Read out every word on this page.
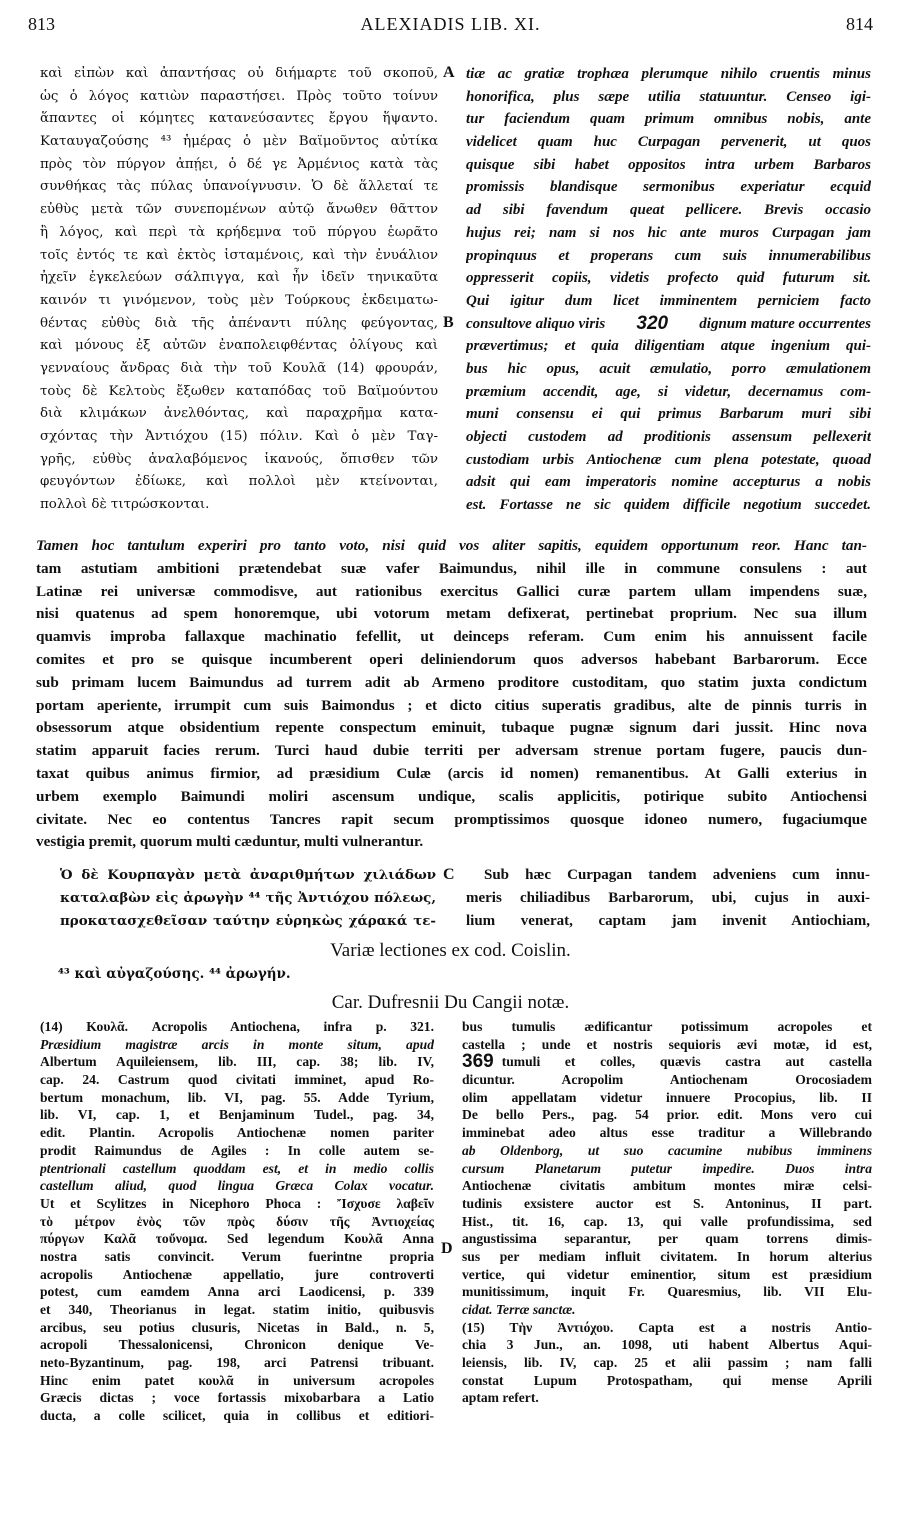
813	ALEXIADIS LIB. XI.	814
καὶ εἰπὼν καὶ ἀπαντήσας οὐ διήμαρτε τοῦ σκοποῦ,
ὡς ὁ λόγος κατιὼν παραστήσει. Πρὸς τοῦτο τοίνυν
ἅπαντες οἱ κόμητες κατανεύσαντες ἔργου ἥψαντο.
Καταυγαζούσης ⁴³ ἡμέρας ὁ μὲν Βαϊμοῦντος αὐτίκα
πρὸς τὸν πύργον ἀπῄει, ὁ δέ γε Ἀρμένιος κατὰ τὰς
συνθήκας τὰς πύλας ὑπανοίγνυσιν. Ὁ δὲ ἅλλεταί τε
εὐθὺς μετὰ τῶν συνεπομένων αὐτῷ ἄνωθεν θᾶττον
ἢ λόγος, καὶ περὶ τὰ κρήδεμνα τοῦ πύργου ἑωρᾶτο
τοῖς ἐντός τε καὶ ἐκτὸς ἱσταμένοις, καὶ τὴν ἐνυάλιον
ἠχεῖν ἐγκελεύων σάλπιγγα, καὶ ἦν ἰδεῖν τηνικαῦτα
καινόν τι γινόμενον, τοὺς μὲν Τούρκους ἐκδειματω-
θέντας εὐθὺς διὰ τῆς ἀπέναντι πύλης φεύγοντας,
καὶ μόνους ἐξ αὐτῶν ἐναπολειφθέντας ὀλίγους καὶ
γενναίους ἄνδρας διὰ τὴν τοῦ Κουλᾶ (14) φρουράν,
τοὺς δὲ Κελτοὺς ἔξωθεν καταπόδας τοῦ Βαϊμούντου
διὰ κλιμάκων ἀνελθόντας, καὶ παραχρῆμα κατα-
σχόντας τὴν Ἀντιόχου (15) πόλιν. Καὶ ὁ μὲν Ταγ-
γρῆς, εὐθὺς ἀναλαβόμενος ἱκανούς, ὄπισθεν τῶν
φευγόντων ἐδίωκε, καὶ πολλοὶ μὲν κτείνονται,
πολλοὶ δὲ τιτρώσκονται.
A
B
tiæ ac gratiæ trophæa plerumque nihilo cruentis minus
honorifica, plus sæpe utilia statuuntur. Censeo igi-
tur faciendum quam primum omnibus nobis, ante
videlicet quam huc Curpagan pervenerit, ut quos
quisque sibi habet oppositos intra urbem Barbaros
promissis blandisque sermonibus experiatur ecquid
ad sibi favendum queat pellicere. Brevis occasio
hujus rei; nam si nos hic ante muros Curpagan jam
propinquus et properans cum suis innumerabilibus
oppresserit copiis, videtis profecto quid futurum sit.
Qui igitur dum licet imminentem perniciem facto
consultove aliquo viris 320 dignum mature occurrentes
prævertimus; et quia diligentiam atque ingenium qui-
bus hic opus, acuit æmulatio, porro æmulationem
præmium accendit, age, si videtur, decernamus com-
muni consensu ei qui primus Barbarum muri sibi
objecti custodem ad proditionis assensum pellexerit
custodiam urbis Antiochenæ cum plena potestate, quoad
adsit qui eam imperatoris nomine accepturus a nobis
est. Fortasse ne sic quidem difficile negotium succedet.
Tamen hoc tantulum experiri pro tanto voto, nisi quid vos aliter sapitis, equidem opportunum reor. Hanc tan-
tam astutiam ambitioni prætendebat suæ vafer Baimundus, nihil ille in commune consulens : aut
Latinæ rei universæ commodisve, aut rationibus exercitus Gallici curæ partem ullam impendens suæ,
nisi quatenus ad spem honoremque, ubi votorum metam defixerat, pertinebat proprium. Nec sua illum
quamvis improba fallaxque machinatio fefellit, ut deinceps referam. Cum enim his annuissent facile
comites et pro se quisque incumberent operi deliniendorum quos adversos habebant Barbarorum. Ecce
sub primam lucem Baimundus ad turrem adit ab Armeno proditore custoditam, quo statim juxta condictum
portam aperiente, irrumpit cum suis Baimondus ; et dicto citius superatis gradibus, alte de pinnis turris in
obsessorum atque obsidentium repente conspectum eminuit, tubaque pugnæ signum dari jussit. Hinc nova
statim apparuit facies rerum. Turci haud dubie territi per adversam strenue portam fugere, paucis dun-
taxat quibus animus firmior, ad præsidium Culæ (arcis id nomen) remanentibus. At Galli exterius in
urbem exemplo Baimundi moliri ascensum undique, scalis applicitis, potirique subito Antiochensi
civitate. Nec eo contentus Tancres rapit secum promptissimos quosque idoneo numero, fugaciumque
vestigia premit, quorum multi cæduntur, multi vulnerantur.
Ὁ δὲ Κουρπαγὰν μετὰ ἀναριθμήτων χιλιάδων
καταλαβὼν εἰς ἀρωγὴν ⁴⁴ τῆς Ἀντιόχου πόλεως,
προκατασχεθεῖσαν ταύτην εὑρηκὼς χάρακά τε-
C	Sub hæc Curpagan tandem adveniens cum innu-
meris chiliadibus Barbarorum, ubi, cujus in auxi-
lium venerat, captam jam invenit Antiochiam,
Variæ lectiones ex cod. Coislin.
⁴³ καὶ αὐγαζούσης. ⁴⁴ ἀρωγήν.
Car. Dufresnii Du Cangii notæ.
(14) Κουλᾶ. Acropolis Antiochena, infra p. 321.
Præsidium magistræ arcis in monte situm, apud
Albertum Aquileiensem, lib. III, cap. 38; lib. IV,
cap. 24. Castrum quod civitati imminet, apud Ro-
bertum monachum, lib. VI, pag. 55. Adde Tyrium,
lib. VI, cap. 1, et Benjaminum Tudel., pag. 34,
edit. Plantin. Acropolis Antiochenæ nomen pariter
prodit Raimundus de Agiles : In colle autem se-
ptentrionali castellum quoddam est, et in medio collis
castellum aliud, quod lingua Græca Colax vocatur.
Ut et Scylitzes in Nicephoro Phoca : Ἴσχυσε λαβεῖν
τὸ μέτρον ἑνὸς τῶν πρὸς δύσιν τῆς Ἀντιοχείας
πύργων Καλᾶ τοὔνομα. Sed legendum Κουλᾶ Anna
nostra satis convincit. Verum fuerintne propria
acropolis Antiochenæ appellatio, jure controverti
potest, cum eamdem Anna arci Laodicensi, p. 339
et 340, Theorianus in legat. statim initio, quibusvis
arcibus, seu potius clusuris, Nicetas in Bald., n. 5,
acropoli Thessalonicensi, Chronicon denique Ve-
neto-Byzantinum, pag. 198, arci Patrensi tribuant.
Hinc enim patet κουλᾶ in universum acropoles
Græcis dictas ; voce fortassis mixobarbara a Latio
ducta, a colle scilicet, quia in collibus et editiori-
D
bus tumulis ædificantur potissimum acropoles et
castella ; unde et nostris sequioris ævi motæ, id est,
369 tumuli et colles, quævis castra aut castella
dicuntur. Acropolim Antiochenam Orocosiadem
olim appellatam videtur innuere Procopius, lib. II
De bello Pers., pag. 54 prior. edit. Mons vero cui
imminebat adeo altus esse traditur a Willebrando
ab Oldenborg, ut suo cacumine nubibus imminens
cursum Planetarum putetur impedire. Duos intra
Antiochenæ civitatis ambitum montes miræ celsi-
tudinis exsistere auctor est S. Antoninus, II part.
Hist., tit. 16, cap. 13, qui valle profundissima, sed
angustissima separantur, per quam torrens dimis-
sus per mediam influit civitatem. In horum alterius
vertice, qui videtur eminentior, situm est præsidium
munitissimum, inquit Fr. Quaresmius, lib. VII Elu-
cidat. Terræ sanctæ.
(15) Τὴν Ἀντιόχου. Capta est a nostris Antio-
chia 3 Jun., an. 1098, uti habent Albertus Aqui-
leiensis, lib. IV, cap. 25 et alii passim ; nam falli
constat Lupum Protospatham, qui mense Aprili
aptam refert.
